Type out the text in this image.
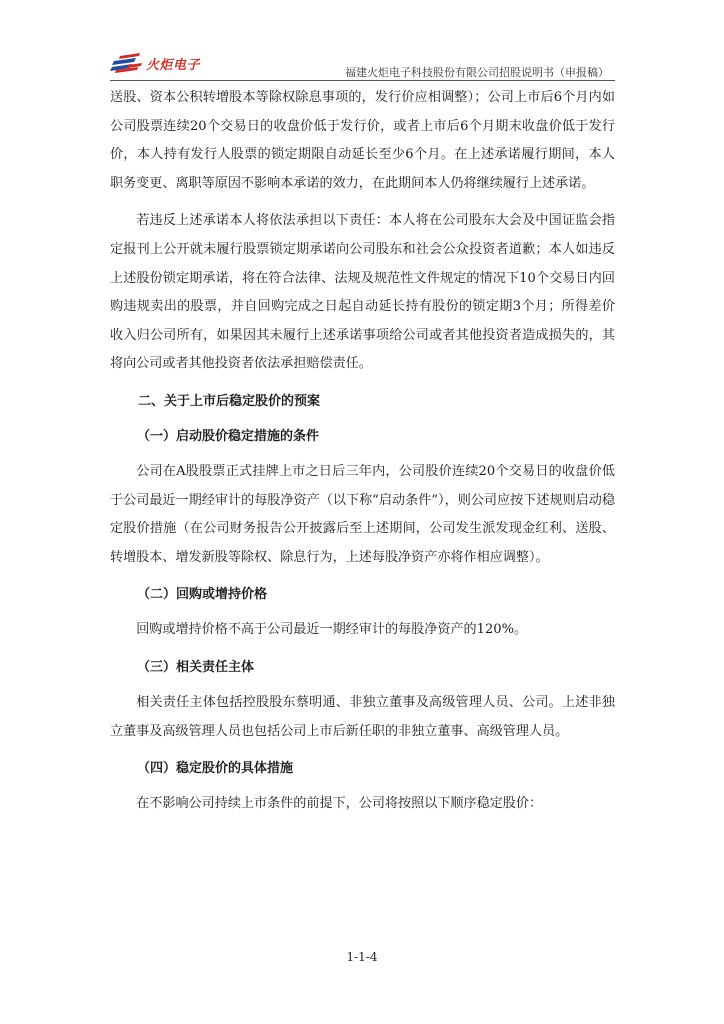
火炬电子	福建火炬电子科技股份有限公司招股说明书（申报稿）

送股、资本公积转增股本等除权除息事项的，发行价应相调整）；公司上市后6个月内如公司股票连续20个交易日的收盘价低于发行价，或者上市后6个月期末收盘价低于发行价，本人持有发行人股票的锁定期限自动延长至少6个月。在上述承诺履行期间，本人职务变更、离职等原因不影响本承诺的效力，在此期间本人仍将继续履行上述承诺。

若违反上述承诺本人将依法承担以下责任：本人将在公司股东大会及中国证监会指定报刊上公开就未履行股票锁定期承诺向公司股东和社会公众投资者道歉；本人如违反上述股份锁定期承诺，将在符合法律、法规及规范性文件规定的情况下10个交易日内回购违规卖出的股票，并自回购完成之日起自动延长持有股份的锁定期3个月；所得差价收入归公司所有，如果因其未履行上述承诺事项给公司或者其他投资者造成损失的，其将向公司或者其他投资者依法承担赔偿责任。

二、关于上市后稳定股价的预案
（一）启动股价稳定措施的条件

公司在A股股票正式挂牌上市之日后三年内，公司股价连续20个交易日的收盘价低于公司最近一期经审计的每股净资产（以下称“启动条件”），则公司应按下述规则启动稳定股价措施（在公司财务报告公开披露后至上述期间，公司发生派发现金红利、送股、转增股本、增发新股等除权、除息行为，上述每股净资产亦将作相应调整）。

（二）回购或增持价格

回购或增持价格不高于公司最近一期经审计的每股净资产的120%。

（三）相关责任主体

相关责任主体包括控股股东蔡明通、非独立董事及高级管理人员、公司。上述非独立董事及高级管理人员也包括公司上市后新任职的非独立董事、高级管理人员。

（四）稳定股价的具体措施

在不影响公司持续上市条件的前提下，公司将按照以下顺序稳定股价：

1-1-4
